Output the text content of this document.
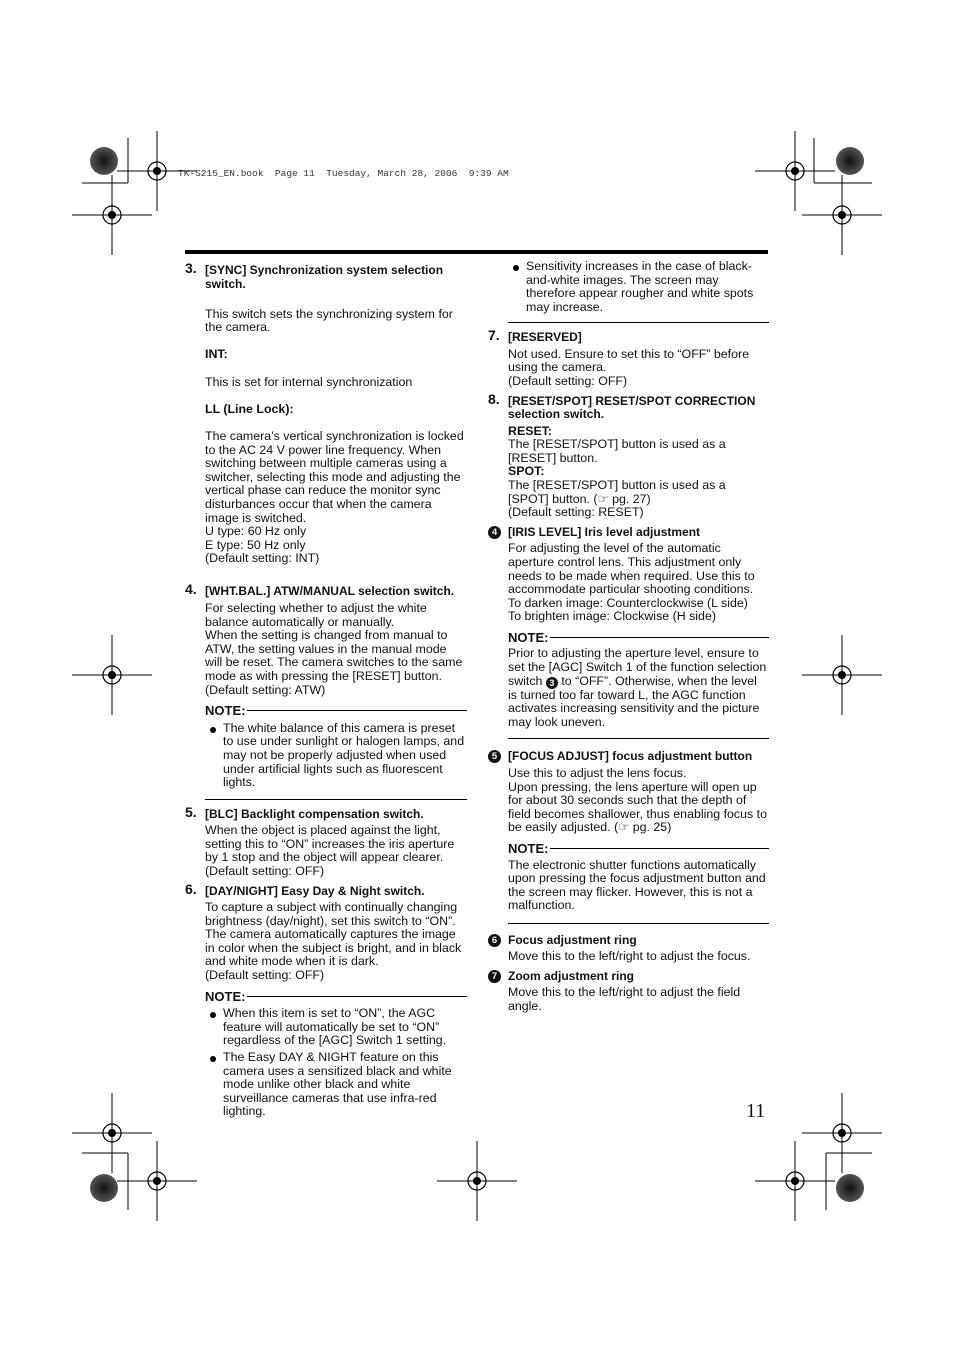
TK-S215_EN.book  Page 11  Tuesday, March 28, 2006  9:39 AM
3. [SYNC] Synchronization system selection switch.

This switch sets the synchronizing system for the camera.

INT:

This is set for internal synchronization

LL (Line Lock):

The camera’s vertical synchronization is locked to the AC 24 V power line frequency. When switching between multiple cameras using a switcher, selecting this mode and adjusting the vertical phase can reduce the monitor sync disturbances occur that when the camera image is switched.
U type: 60 Hz only
E type: 50 Hz only
(Default setting: INT)

4. [WHT.BAL.] ATW/MANUAL selection switch.
For selecting whether to adjust the white balance automatically or manually.
When the setting is changed from manual to ATW, the setting values in the manual mode will be reset. The camera switches to the same mode as with pressing the [RESET] button.
(Default setting: ATW)
NOTE:
The white balance of this camera is preset to use under sunlight or halogen lamps, and may not be properly adjusted when used under artificial lights such as fluorescent lights.
5. [BLC] Backlight compensation switch.
When the object is placed against the light, setting this to “ON” increases the iris aperture by 1 stop and the object will appear clearer.
(Default setting: OFF)
6. [DAY/NIGHT] Easy Day & Night switch.
To capture a subject with continually changing brightness (day/night), set this switch to “ON”.
The camera automatically captures the image in color when the subject is bright, and in black and white mode when it is dark.
(Default setting: OFF)
NOTE:
When this item is set to “ON”, the AGC feature will automatically be set to “ON” regardless of the [AGC] Switch 1 setting.
The Easy DAY & NIGHT feature on this camera uses a sensitized black and white mode unlike other black and white surveillance cameras that use infra-red lighting.
Sensitivity increases in the case of black-and-white images. The screen may therefore appear rougher and white spots may increase.
7. [RESERVED]
Not used. Ensure to set this to “OFF” before using the camera.
(Default setting: OFF)
8. [RESET/SPOT] RESET/SPOT CORRECTION selection switch.
RESET:
The [RESET/SPOT] button is used as a [RESET] button.
SPOT:
The [RESET/SPOT] button is used as a [SPOT] button. (☞ pg. 27)
(Default setting: RESET)
4 [IRIS LEVEL] Iris level adjustment
For adjusting the level of the automatic aperture control lens. This adjustment only needs to be made when required. Use this to accommodate particular shooting conditions.
To darken image: Counterclockwise (L side)
To brighten image: Clockwise (H side)
NOTE:
Prior to adjusting the aperture level, ensure to set the [AGC] Switch 1 of the function selection switch 3 to “OFF”. Otherwise, when the level is turned too far toward L, the AGC function activates increasing sensitivity and the picture may look uneven.
5 [FOCUS ADJUST] focus adjustment button
Use this to adjust the lens focus.
Upon pressing, the lens aperture will open up for about 30 seconds such that the depth of field becomes shallower, thus enabling focus to be easily adjusted. (☞ pg. 25)
NOTE:
The electronic shutter functions automatically upon pressing the focus adjustment button and the screen may flicker. However, this is not a malfunction.
6 Focus adjustment ring
Move this to the left/right to adjust the focus.
7 Zoom adjustment ring
Move this to the left/right to adjust the field angle.
11
